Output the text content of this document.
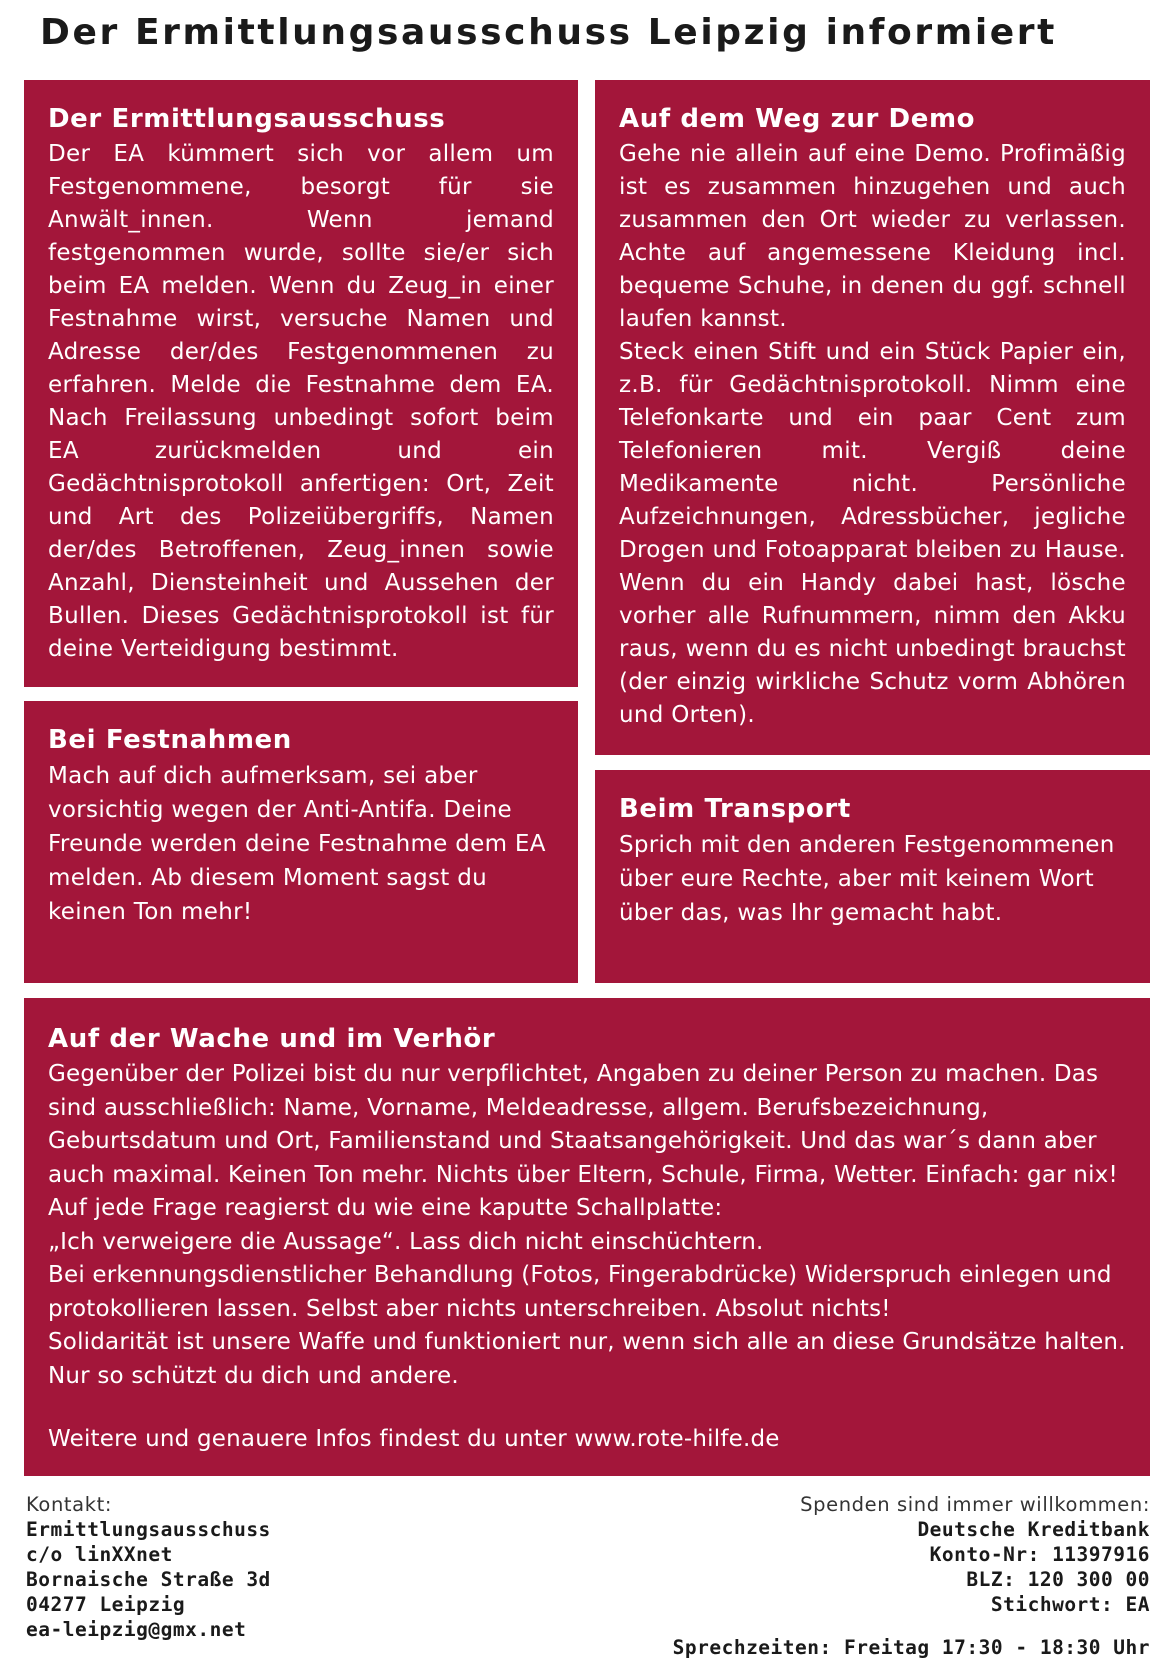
Der Ermittlungsausschuss Leipzig informiert
Der Ermittlungsausschuss

Der EA kümmert sich vor allem um Festgenommene, besorgt für sie Anwält_innen. Wenn jemand festgenommen wurde, sollte sie/er sich beim EA melden. Wenn du Zeug_in einer Festnahme wirst, versuche Namen und Adresse der/des Festgenommenen zu erfahren. Melde die Festnahme dem EA. Nach Freilassung unbedingt sofort beim EA zurückmelden und ein Gedächtnisprotokoll anfertigen: Ort, Zeit und Art des Polizeiübergriffs, Namen der/des Betroffenen, Zeug_innen sowie Anzahl, Diensteinheit und Aussehen der Bullen. Dieses Gedächtnisprotokoll ist für deine Verteidigung bestimmt.

Auf dem Weg zur Demo

Gehe nie allein auf eine Demo. Profimäßig ist es zusammen hinzugehen und auch zusammen den Ort wieder zu verlassen. Achte auf angemessene Kleidung incl. bequeme Schuhe, in denen du ggf. schnell laufen kannst.

Steck einen Stift und ein Stück Papier ein, z.B. für Gedächtnisprotokoll. Nimm eine Telefonkarte und ein paar Cent zum Telefonieren mit. Vergiß deine Medikamente nicht. Persönliche Aufzeichnungen, Adressbücher, jegliche Drogen und Fotoapparat bleiben zu Hause. Wenn du ein Handy dabei hast, lösche vorher alle Rufnummern, nimm den Akku raus, wenn du es nicht unbedingt brauchst (der einzig wirkliche Schutz vorm Abhören und Orten).

Bei Festnahmen

Mach auf dich aufmerksam, sei aber vorsichtig wegen der Anti-Antifa. Deine Freunde werden deine Festnahme dem EA melden. Ab diesem Moment sagst du keinen Ton mehr!

Beim Transport

Sprich mit den anderen Festgenommenen über eure Rechte, aber mit keinem Wort über das, was Ihr gemacht habt.

Auf der Wache und im Verhör

Gegenüber der Polizei bist du nur verpflichtet, Angaben zu deiner Person zu machen. Das sind ausschließlich: Name, Vorname, Meldeadresse, allgem. Berufsbezeichnung, Geburtsdatum und Ort, Familienstand und Staatsangehörigkeit. Und das war´s dann aber auch maximal. Keinen Ton mehr. Nichts über Eltern, Schule, Firma, Wetter. Einfach: gar nix! Auf jede Frage reagierst du wie eine kaputte Schallplatte:

„Ich verweigere die Aussage“. Lass dich nicht einschüchtern.

Bei erkennungsdienstlicher Behandlung (Fotos, Fingerabdrücke) Widerspruch einlegen und protokollieren lassen. Selbst aber nichts unterschreiben. Absolut nichts!

Solidarität ist unsere Waffe und funktioniert nur, wenn sich alle an diese Grundsätze halten. Nur so schützt du dich und andere.

Weitere und genauere Infos findest du unter www.rote-hilfe.de

Kontakt:
Ermittlungsausschuss
c/o linXXnet
Bornaische Straße 3d
04277 Leipzig
ea-leipzig@gmx.net
Spenden sind immer willkommen:
Deutsche Kreditbank
Konto-Nr: 11397916
BLZ: 120 300 00
Stichwort: EA
Sprechzeiten: Freitag 17:30 - 18:30 Uhr
